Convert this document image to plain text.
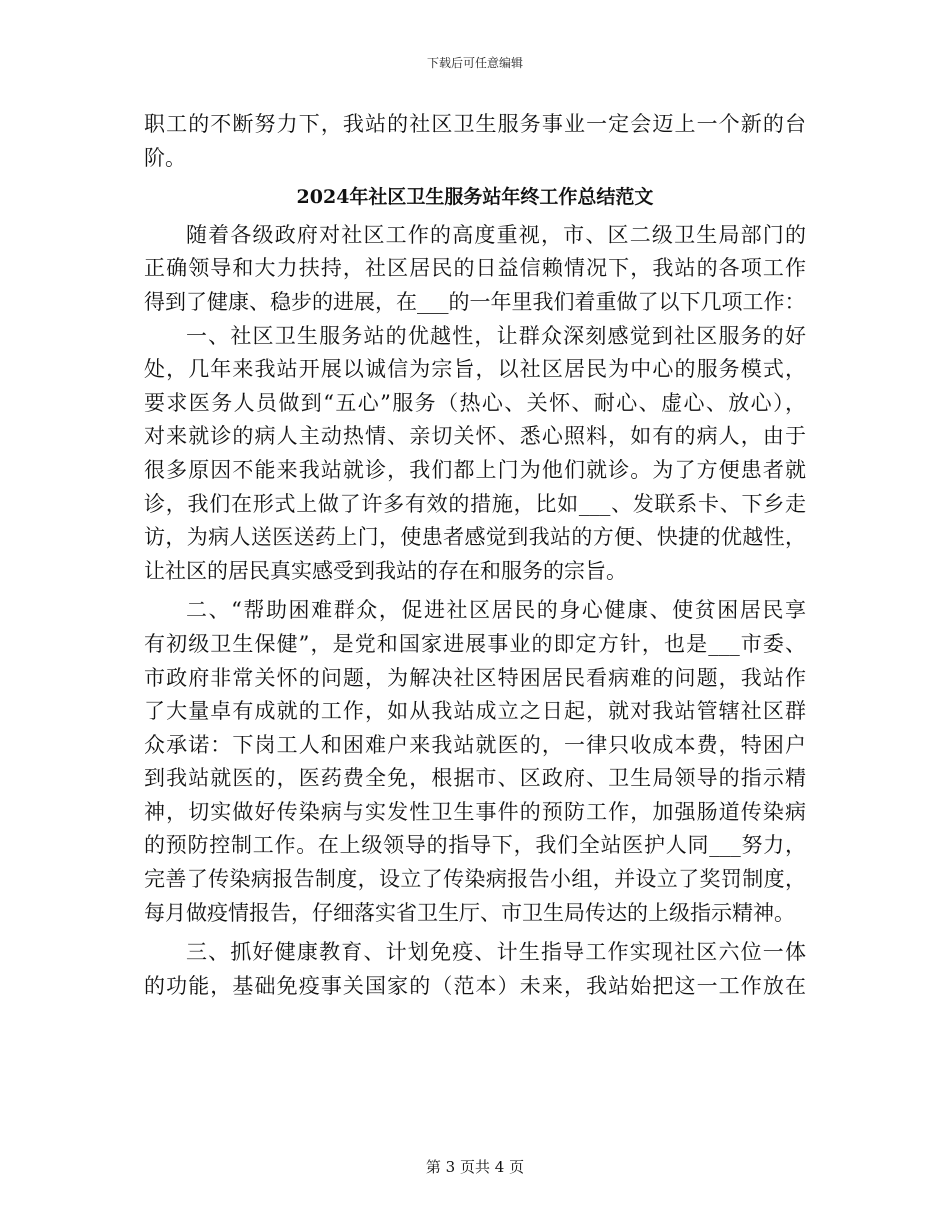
下载后可任意编辑
职工的不断努力下，我站的社区卫生服务事业一定会迈上一个新的台
阶。
2024年社区卫生服务站年终工作总结范文
随着各级政府对社区工作的高度重视，市、区二级卫生局部门的
正确领导和大力扶持，社区居民的日益信赖情况下，我站的各项工作
得到了健康、稳步的进展，在___的一年里我们着重做了以下几项工作：
一、社区卫生服务站的优越性，让群众深刻感觉到社区服务的好
处，几年来我站开展以诚信为宗旨，以社区居民为中心的服务模式，
要求医务人员做到“五心”服务（热心、关怀、耐心、虚心、放心），
对来就诊的病人主动热情、亲切关怀、悉心照料，如有的病人，由于
很多原因不能来我站就诊，我们都上门为他们就诊。为了方便患者就
诊，我们在形式上做了许多有效的措施，比如___、发联系卡、下乡走
访，为病人送医送药上门，使患者感觉到我站的方便、快捷的优越性，
让社区的居民真实感受到我站的存在和服务的宗旨。
二、“帮助困难群众，促进社区居民的身心健康、使贫困居民享
有初级卫生保健”，是党和国家进展事业的即定方针，也是___市委、
市政府非常关怀的问题，为解决社区特困居民看病难的问题，我站作
了大量卓有成就的工作，如从我站成立之日起，就对我站管辖社区群
众承诺：下岗工人和困难户来我站就医的，一律只收成本费，特困户
到我站就医的，医药费全免，根据市、区政府、卫生局领导的指示精
神，切实做好传染病与实发性卫生事件的预防工作，加强肠道传染病
的预防控制工作。在上级领导的指导下，我们全站医护人同___努力，
完善了传染病报告制度，设立了传染病报告小组，并设立了奖罚制度，
每月做疫情报告，仔细落实省卫生厅、市卫生局传达的上级指示精神。
三、抓好健康教育、计划免疫、计生指导工作实现社区六位一体
的功能，基础免疫事关国家的（范本）未来，我站始把这一工作放在
第 3 页共 4 页
